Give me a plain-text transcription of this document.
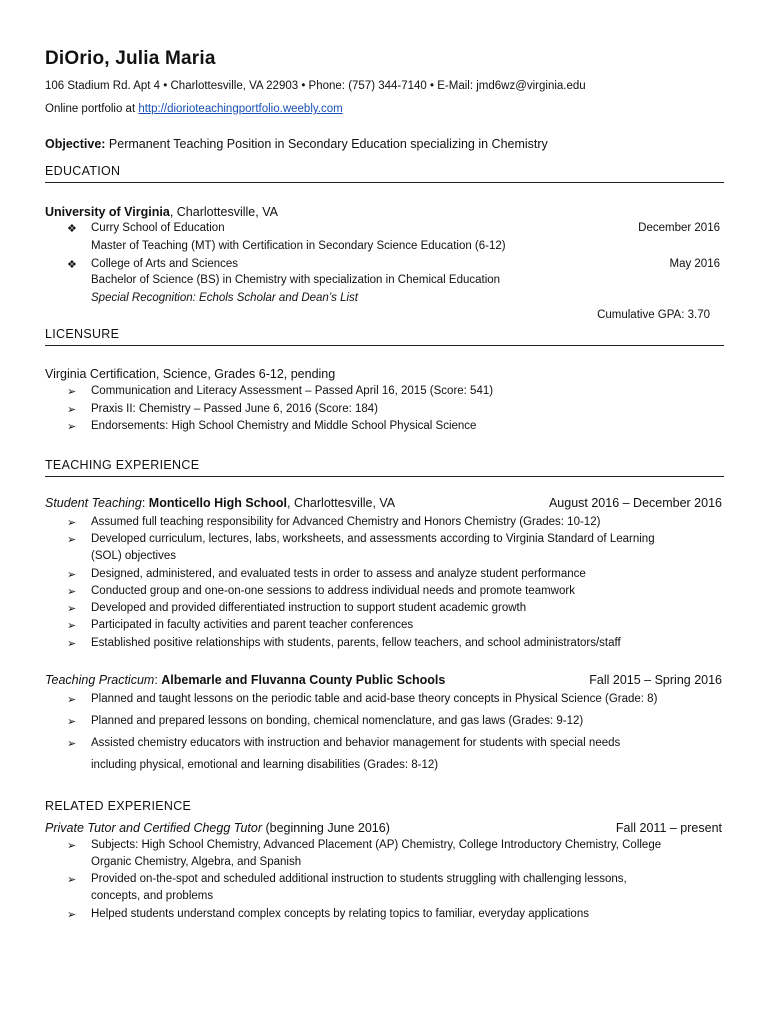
DiOrio, Julia Maria
106 Stadium Rd. Apt 4 • Charlottesville, VA 22903 • Phone: (757) 344-7140 • E-Mail: jmd6wz@virginia.edu
Online portfolio at http://dioriote​achingportfolio.weebly.com
Objective: Permanent Teaching Position in Secondary Education specializing in Chemistry
EDUCATION
University of Virginia, Charlottesville, VA
❖ Curry School of Education	December 2016
Master of Teaching (MT) with Certification in Secondary Science Education (6-12)
❖ College of Arts and Sciences	May 2016
Bachelor of Science (BS) in Chemistry with specialization in Chemical Education
Special Recognition: Echols Scholar and Dean’s List
Cumulative GPA: 3.70
LICENSURE
Virginia Certification, Science, Grades 6-12, pending
➢ Communication and Literacy Assessment – Passed April 16, 2015 (Score: 541)
➢ Praxis II: Chemistry – Passed June 6, 2016 (Score: 184)
➢ Endorsements: High School Chemistry and Middle School Physical Science
TEACHING EXPERIENCE
Student Teaching: Monticello High School, Charlottesville, VA	August 2016 – December 2016
➢ Assumed full teaching responsibility for Advanced Chemistry and Honors Chemistry (Grades: 10-12)
➢ Developed curriculum, lectures, labs, worksheets, and assessments according to Virginia Standard of Learning
(SOL) objectives
➢ Designed, administered, and evaluated tests in order to assess and analyze student performance
➢ Conducted group and one-on-one sessions to address individual needs and promote teamwork
➢ Developed and provided differentiated instruction to support student academic growth
➢ Participated in faculty activities and parent teacher conferences
➢ Established positive relationships with students, parents, fellow teachers, and school administrators/staff
Teaching Practicum: Albemarle and Fluvanna County Public Schools	Fall 2015 – Spring 2016
➢ Planned and taught lessons on the periodic table and acid-base theory concepts in Physical Science (Grade: 8)
➢ Planned and prepared lessons on bonding, chemical nomenclature, and gas laws (Grades: 9-12)
➢ Assisted chemistry educators with instruction and behavior management for students with special needs
including physical, emotional and learning disabilities (Grades: 8-12)
RELATED EXPERIENCE
Private Tutor and Certified Chegg Tutor (beginning June 2016)	Fall 2011 – present
➢ Subjects: High School Chemistry, Advanced Placement (AP) Chemistry, College Introductory Chemistry, College
Organic Chemistry, Algebra, and Spanish
➢ Provided on-the-spot and scheduled additional instruction to students struggling with challenging lessons,
concepts, and problems
➢ Helped students understand complex concepts by relating topics to familiar, everyday applications
